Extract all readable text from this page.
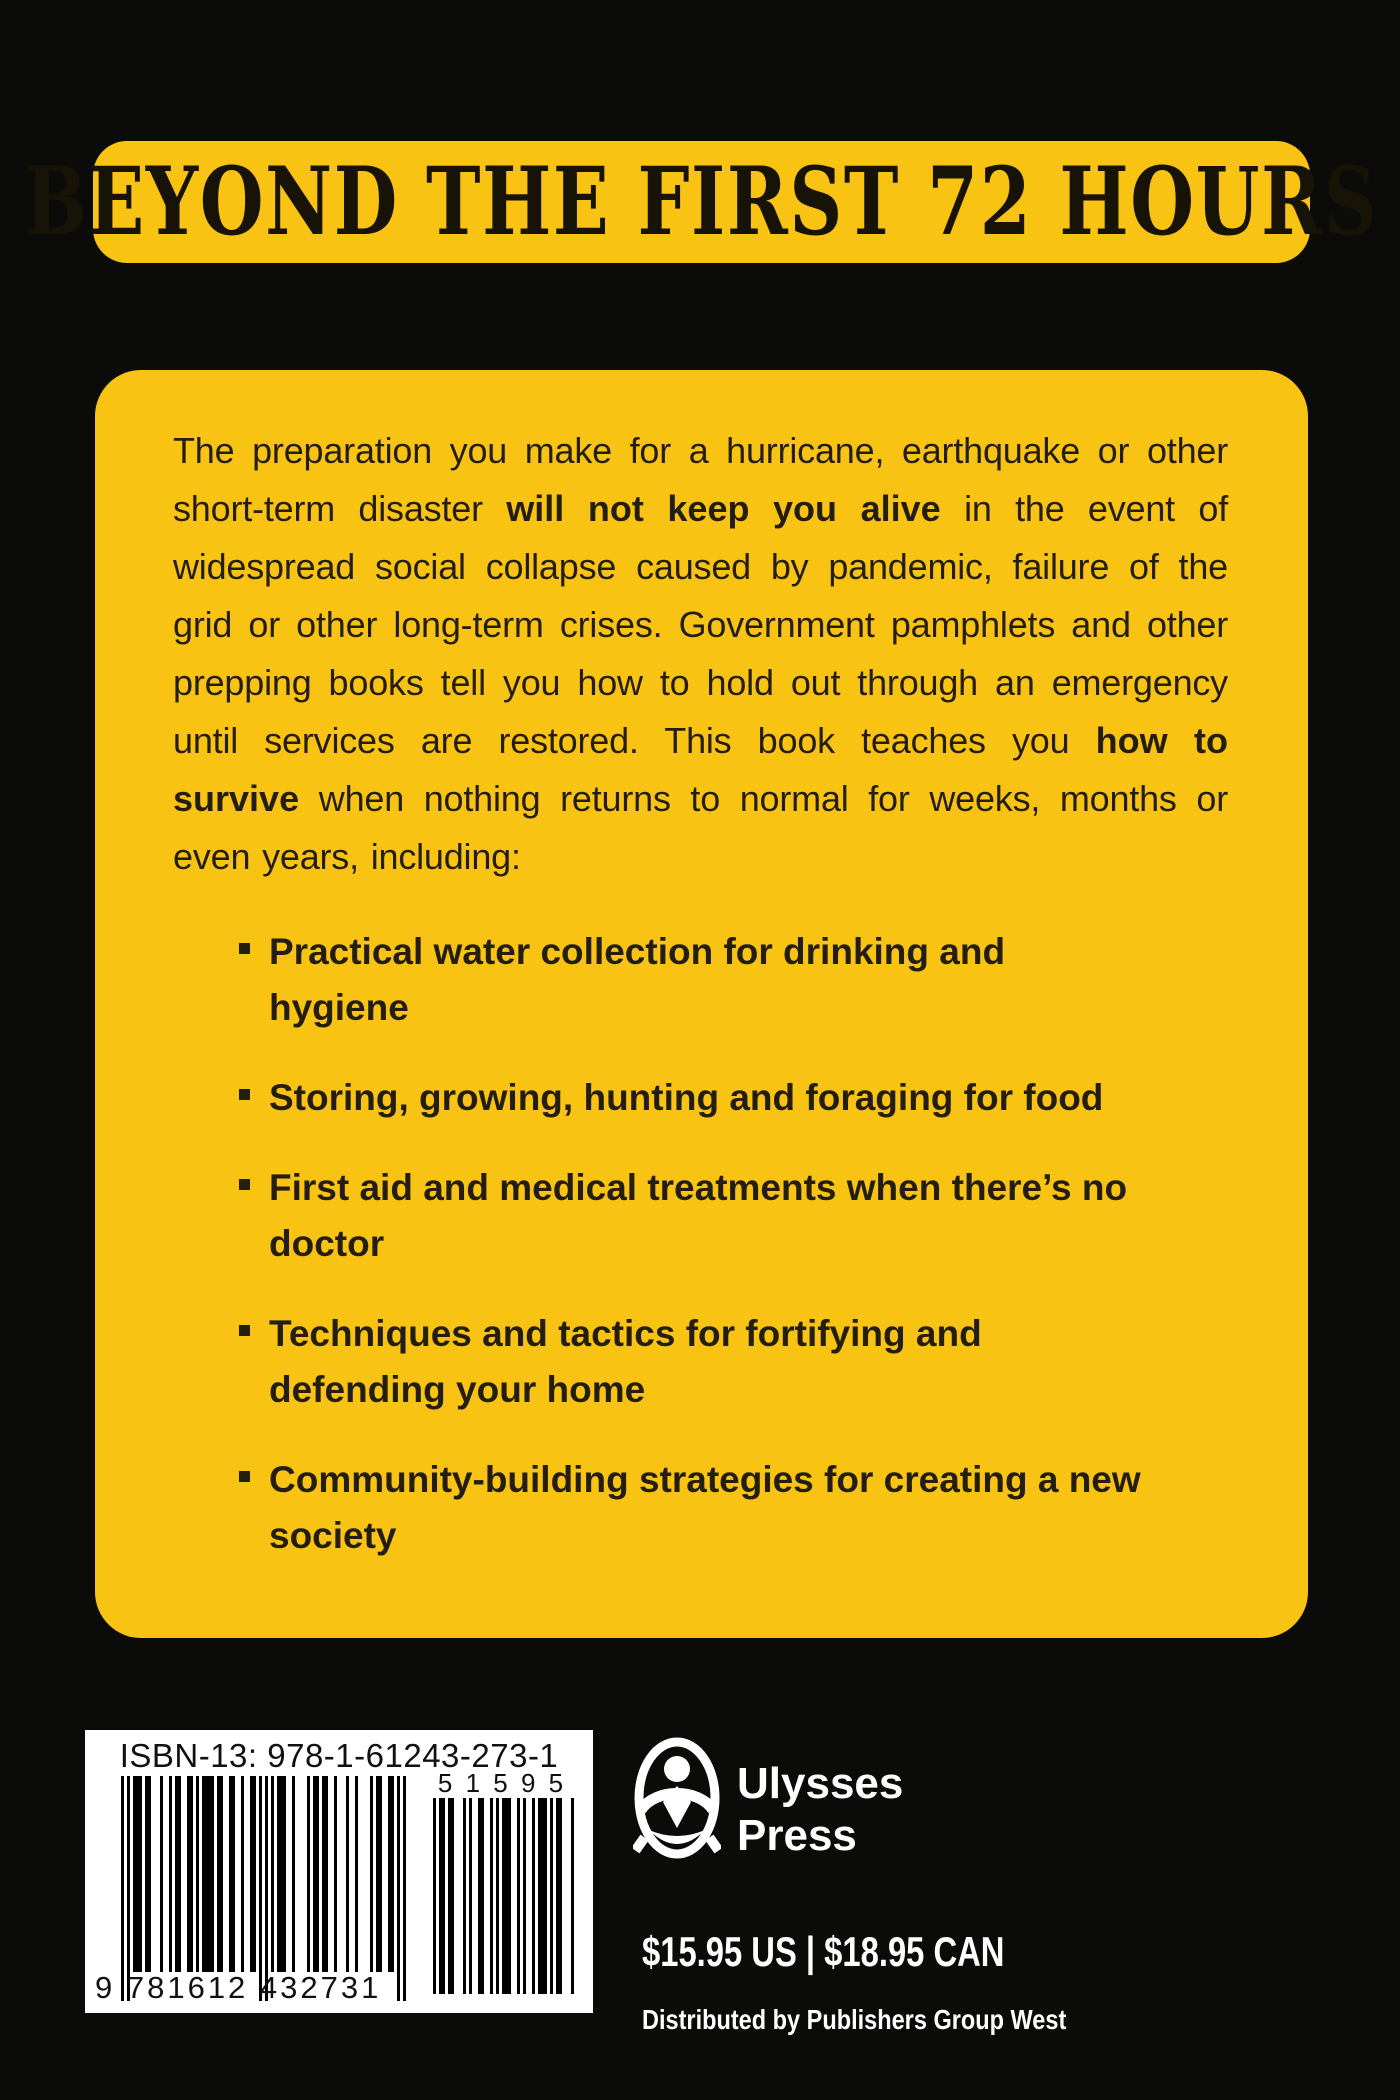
BEYOND THE FIRST 72 HOURS

The preparation you make for a hurricane, earthquake or other short-term disaster will not keep you alive in the event of widespread social collapse caused by pandemic, failure of the grid or other long-term crises. Government pamphlets and other prepping books tell you how to hold out through an emergency until services are restored. This book teaches you how to survive when nothing returns to normal for weeks, months or even years, including:

Practical water collection for drinking and hygiene
Storing, growing, hunting and foraging for food
First aid and medical treatments when there’s no doctor
Techniques and tactics for fortifying and defending your home
Community-building strategies for creating a new society
ISBN-13: 978-1-61243-273-1
5 1 5 9 5
9 781612 432731
Ulysses
Press
$15.95 US | $18.95 CAN
Distributed by Publishers Group West
